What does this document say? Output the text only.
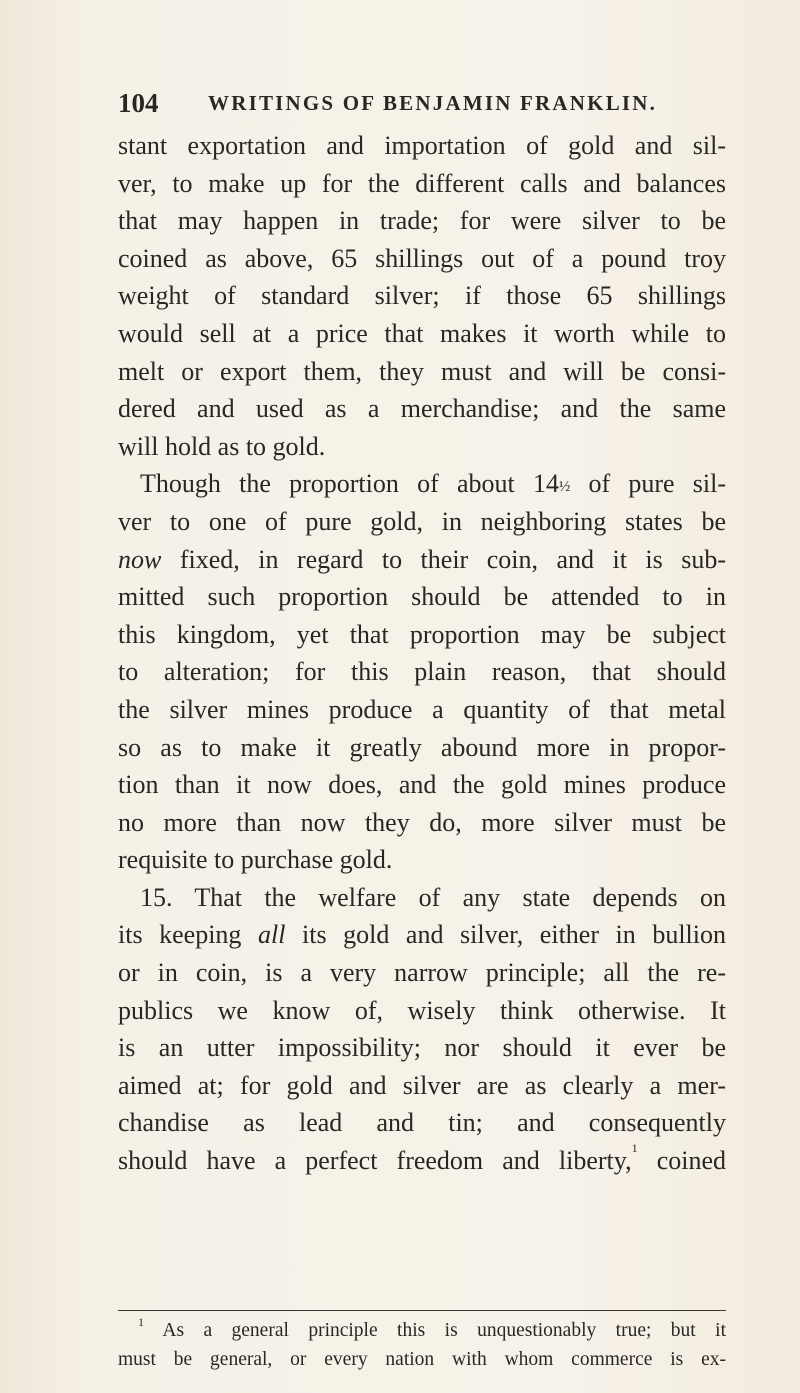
104 WRITINGS OF BENJAMIN FRANKLIN.
stant exportation and importation of gold and sil-
ver, to make up for the different calls and balances
that may happen in trade; for were silver to be
coined as above, 65 shillings out of a pound troy
weight of standard silver; if those 65 shillings
would sell at a price that makes it worth while to
melt or export them, they must and will be consi-
dered and used as a merchandise; and the same
will hold as to gold.
Though the proportion of about 14½ of pure sil-
ver to one of pure gold, in neighboring states be
now fixed, in regard to their coin, and it is sub-
mitted such proportion should be attended to in
this kingdom, yet that proportion may be subject
to alteration; for this plain reason, that should
the silver mines produce a quantity of that metal
so as to make it greatly abound more in propor-
tion than it now does, and the gold mines produce
no more than now they do, more silver must be
requisite to purchase gold.
15. That the welfare of any state depends on
its keeping all its gold and silver, either in bullion
or in coin, is a very narrow principle; all the re-
publics we know of, wisely think otherwise. It
is an utter impossibility; nor should it ever be
aimed at; for gold and silver are as clearly a mer-
chandise as lead and tin; and consequently
should have a perfect freedom and liberty,$^1$ coined
$^1$ As a general principle this is unquestionably true; but it
must be general, or every nation with whom commerce is ex-
